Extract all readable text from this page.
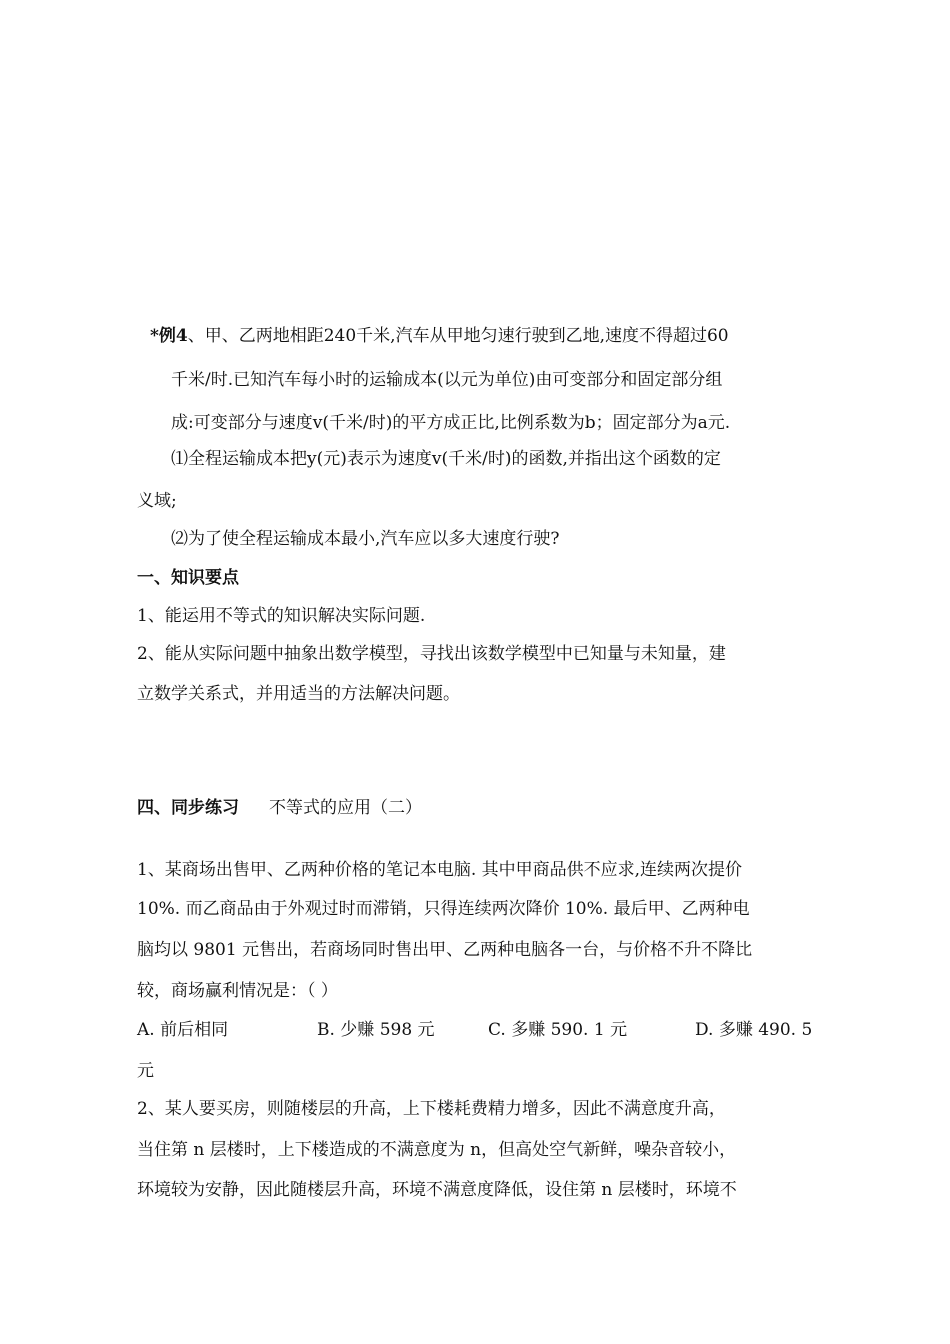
*例4、甲、乙两地相距240千米,汽车从甲地匀速行驶到乙地,速度不得超过60
千米/时.已知汽车每小时的运输成本(以元为单位)由可变部分和固定部分组
成:可变部分与速度v(千米/时)的平方成正比,比例系数为b；固定部分为a元.
⑴全程运输成本把y(元)表示为速度v(千米/时)的函数,并指出这个函数的定
义域;
⑵为了使全程运输成本最小,汽车应以多大速度行驶?
一、知识要点
1、能运用不等式的知识解决实际问题.
2、能从实际问题中抽象出数学模型，寻找出该数学模型中已知量与未知量，建
立数学关系式，并用适当的方法解决问题。
四、同步练习 不等式的应用（二）
1、某商场出售甲、乙两种价格的笔记本电脑. 其中甲商品供不应求,连续两次提价
10%. 而乙商品由于外观过时而滞销，只得连续两次降价 10%. 最后甲、乙两种电
脑均以 9801 元售出，若商场同时售出甲、乙两种电脑各一台，与价格不升不降比
较，商场赢利情况是：（ ）
A. 前后相同	B. 少赚 598 元	C. 多赚 590. 1 元	D. 多赚 490. 5
元
2、某人要买房，则随楼层的升高，上下楼耗费精力增多，因此不满意度升高，
当住第 n 层楼时，上下楼造成的不满意度为 n，但高处空气新鲜，噪杂音较小，
环境较为安静，因此随楼层升高，环境不满意度降低，设住第 n 层楼时，环境不
